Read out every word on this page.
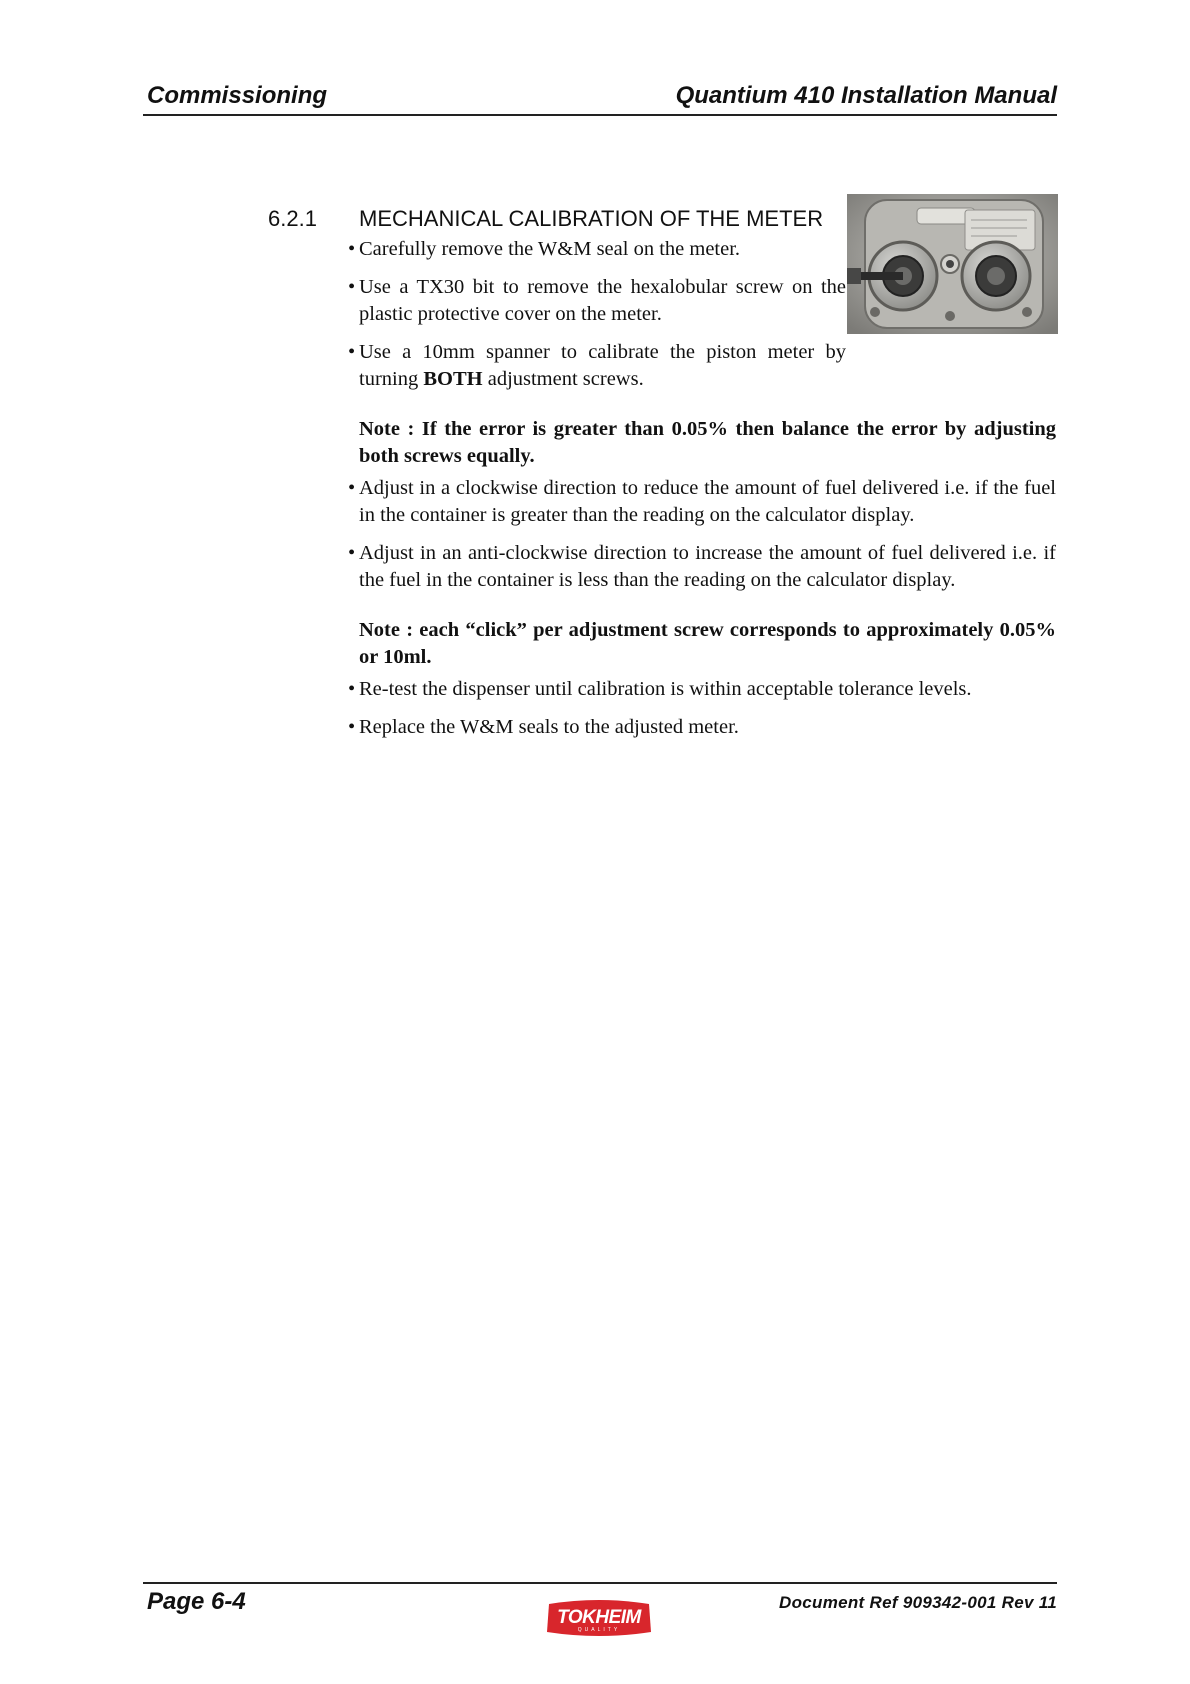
Commissioning	Quantium 410 Installation Manual
6.2.1 MECHANICAL CALIBRATION OF THE METER
• Carefully remove the W&M seal on the meter.
• Use a TX30 bit to remove the hexalobular screw on the plastic protective cover on the meter.
• Use a 10mm spanner to calibrate the piston meter by turning BOTH adjustment screws.
Note : If the error is greater than 0.05% then balance the error by adjusting both screws equally.
• Adjust in a clockwise direction to reduce the amount of fuel delivered i.e. if the fuel in the container is greater than the reading on the calculator display.
• Adjust in an anti-clockwise direction to increase the amount of fuel delivered i.e. if the fuel in the container is less than the reading on the calculator display.
Note : each “click” per adjustment screw corresponds to approximately 0.05% or 10ml.
• Re-test the dispenser until calibration is within acceptable tolerance levels.
• Replace the W&M seals to the adjusted meter.
Page 6-4
TOKHEIM
QUALITY
Document Ref 909342-001 Rev 11
